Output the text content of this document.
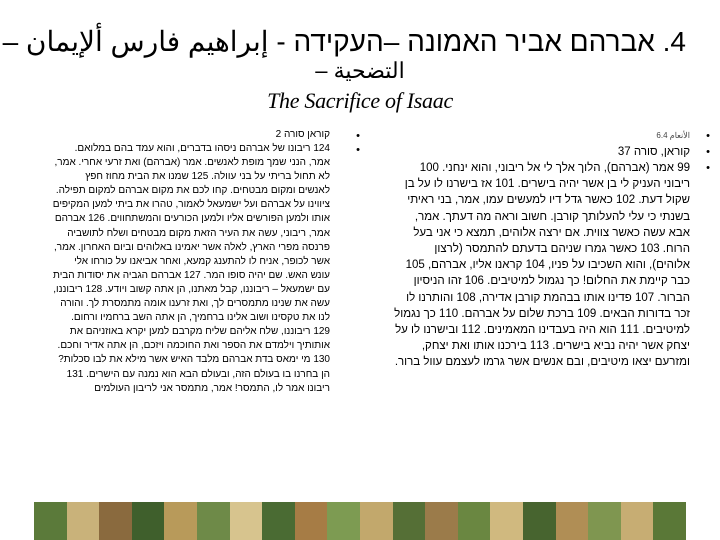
4. אברהם אביר האמונה –העקידה - إبراهيم فارس ألإيمان –
التضحية –
The Sacrifice of Isaac
•
الأنعام 6.4
•
קוראן, סורה 37
•
99 אמר (אברהם), הלוך אלך לי אל ריבוני, והוא ינחני. 100 ריבוני העניק לי בן אשר יהיה בישרים. 101 אז בישרנו לו על בן שקול דעת. 102 כאשר גדל דיו למעשים עמו, אמר, בני ראיתי בשנתי כי עלי להעלותך קורבן. חשוב וראה מה דעתך. אמר, אבא עשה כאשר צווית. אם ירצה אלוהים, תמצא כי אני בעל הרוח. 103 כאשר גמרו שניהם בדעתם להתמסר (לרצון אלוהים), והוא השכיבו על פניו, 104 קראנו אליו, אברהם, 105 כבר קיימת את החלום! כך נגמול למיטיבים. 106 זהו הניסיון הברור. 107 פדינו אותו בבהמת קורבן אדירה, 108 והותרנו לו זכר בדורות הבאים. 109 ברכת שלום על אברהם. 110 כך נגמול למיטיבים. 111 הוא היה בעבדינו המאמינים. 112 ובישרנו לו על יצחק אשר יהיה נביא בישרים. 113 בירכנו אותו ואת יצחק, ומזרעם יצאו מיטיבים, ובם אנשים אשר גרמו לעצמם עוול ברור.
•
קוראן סורה 2
•
124 ריבונו של אברהם ניסהו בדברים, והוא עמד בהם במלואם. אמר, הנני שמך מופת לאנשים. אמר (אברהם) ואת זרעי אחרי. אמר, לא תחול בריתי על בני עוולה. 125 שמנו את הבית מחוז חפץ לאנשים ומקום מבטחים. קחו לכם את מקום אברהם למקום תפילה. ציווינו על אברהם ועל ישמעאל לאמור, טהרו את ביתי למען המקיפים אותו ולמען הפורשים אליו ולמען הכורעים והמשתחווים. 126 אברהם אמר, ריבוני, עשה את העיר הזאת מקום מבטחים ושלח לתושביה פרנסה מפרי הארץ, לאלה אשר יאמינו באלוהים וביום האחרון. אמר, אשר לכופר, אניח לו להתענג קמעא, ואחר אביאנו על כורחו אלי עונש האש. שם יהיה סופו המר. 127 אברהם הגביה את יסודות הבית עם ישמעאל – ריבוננו, קבל מאתנו, הן אתה קשוב ויודע. 128 ריבוננו, עשה את שנינו מתמסרים לך, ואת זרענו אומה מתמסרת לך. והורה לנו את טקסינו ושוב אלינו ברחמיך, הן אתה השב ברחמיו ורחום. 129 ריבוננו, שלח אליהם שליח מקרבם למען יקרא באוזניהם את אותותיך וילמדם את הספר ואת החוכמה ויזכם, הן אתה אדיר וחכם. 130 מי ימאס בדת אברהם מלבד האיש אשר מילא את לבו סכלות? הן בחרנו בו בעולם הזה, ובעולם הבא הוא נמנה עם הישרים. 131 ריבונו אמר לו, התמסר! אמר, מתמסר אני לריבון העולמים
